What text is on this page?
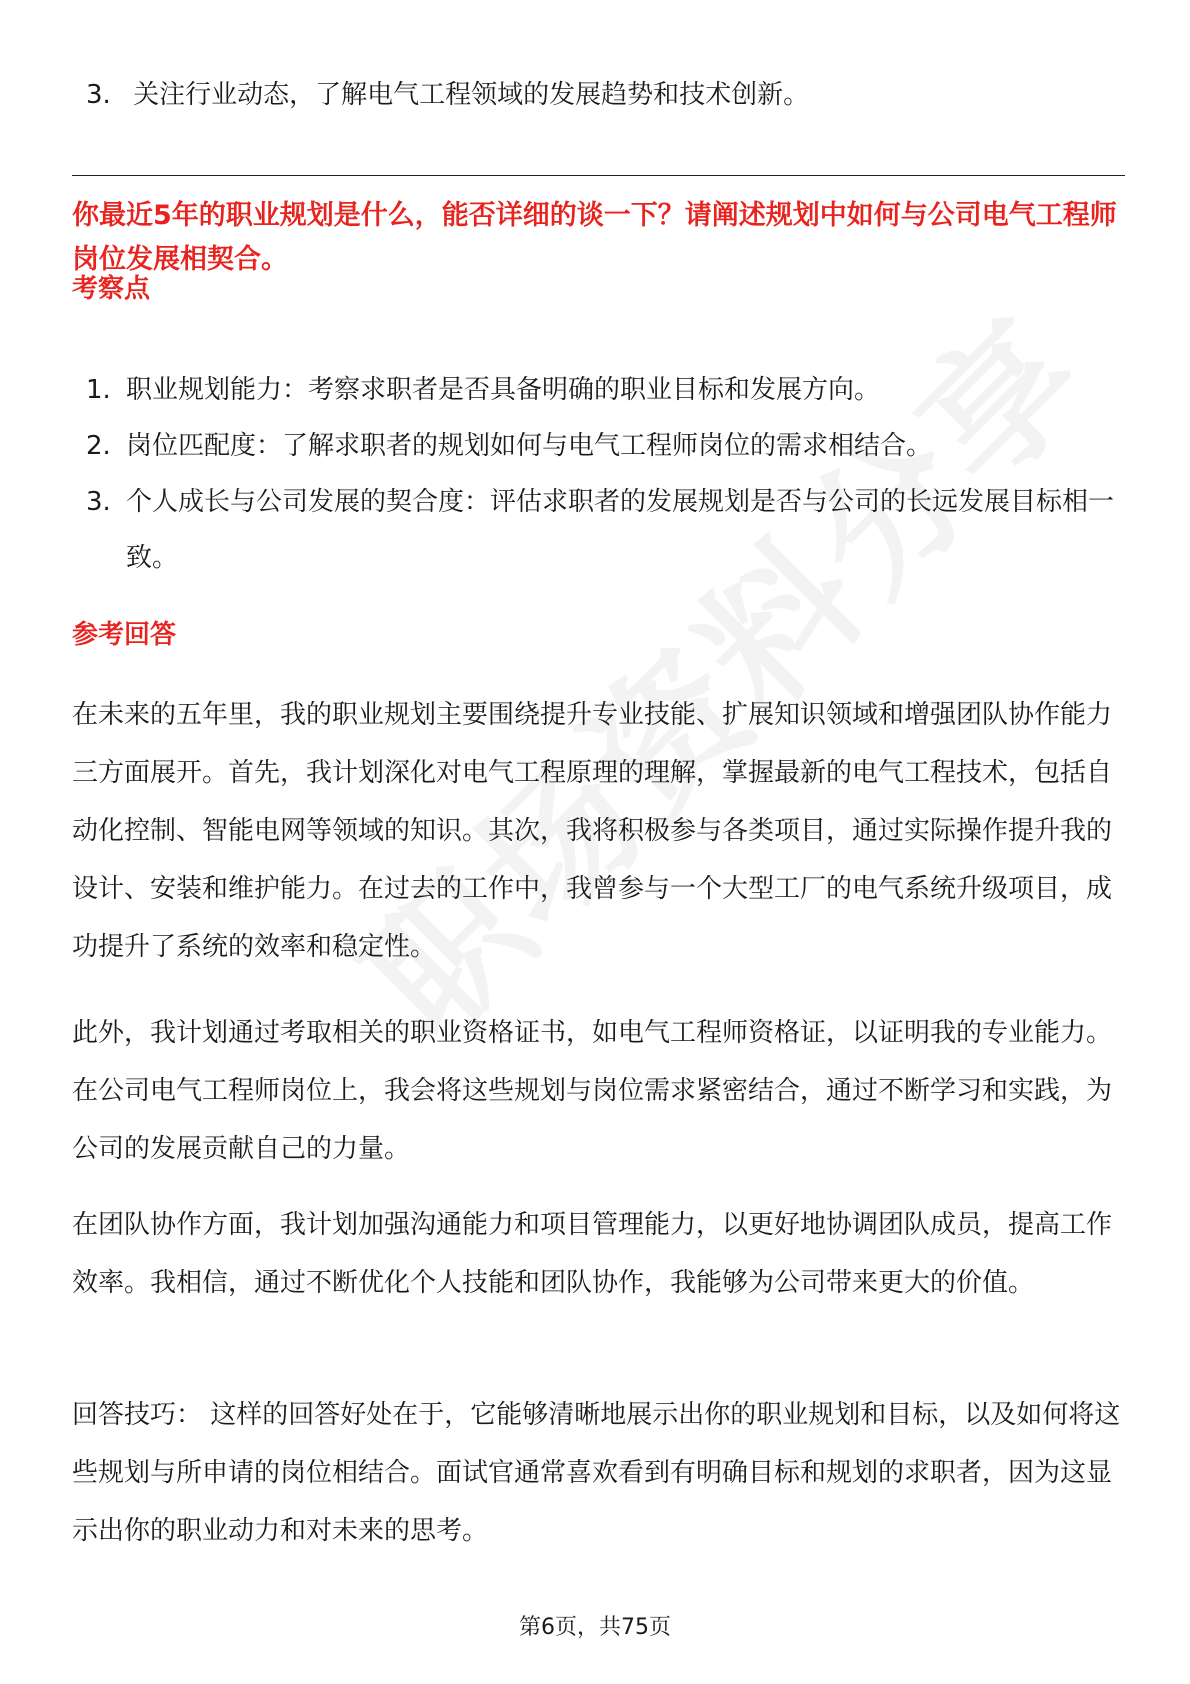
3. 关注行业动态，了解电气工程领域的发展趋势和技术创新。
你最近5年的职业规划是什么，能否详细的谈一下？请阐述规划中如何与公司电气工程师岗位发展相契合。
考察点
1. 职业规划能力：考察求职者是否具备明确的职业目标和发展方向。
2. 岗位匹配度：了解求职者的规划如何与电气工程师岗位的需求相结合。
3. 个人成长与公司发展的契合度：评估求职者的发展规划是否与公司的长远发展目标相一致。
参考回答

在未来的五年里，我的职业规划主要围绕提升专业技能、扩展知识领域和增强团队协作能力三方面展开。首先，我计划深化对电气工程原理的理解，掌握最新的电气工程技术，包括自动化控制、智能电网等领域的知识。其次，我将积极参与各类项目，通过实际操作提升我的设计、安装和维护能力。在过去的工作中，我曾参与一个大型工厂的电气系统升级项目，成功提升了系统的效率和稳定性。

此外，我计划通过考取相关的职业资格证书，如电气工程师资格证，以证明我的专业能力。在公司电气工程师岗位上，我会将这些规划与岗位需求紧密结合，通过不断学习和实践，为公司的发展贡献自己的力量。

在团队协作方面，我计划加强沟通能力和项目管理能力，以更好地协调团队成员，提高工作效率。我相信，通过不断优化个人技能和团队协作，我能够为公司带来更大的价值。

回答技巧： 这样的回答好处在于，它能够清晰地展示出你的职业规划和目标，以及如何将这些规划与所申请的岗位相结合。面试官通常喜欢看到有明确目标和规划的求职者，因为这显示出你的职业动力和对未来的思考。

第6页，共75页
